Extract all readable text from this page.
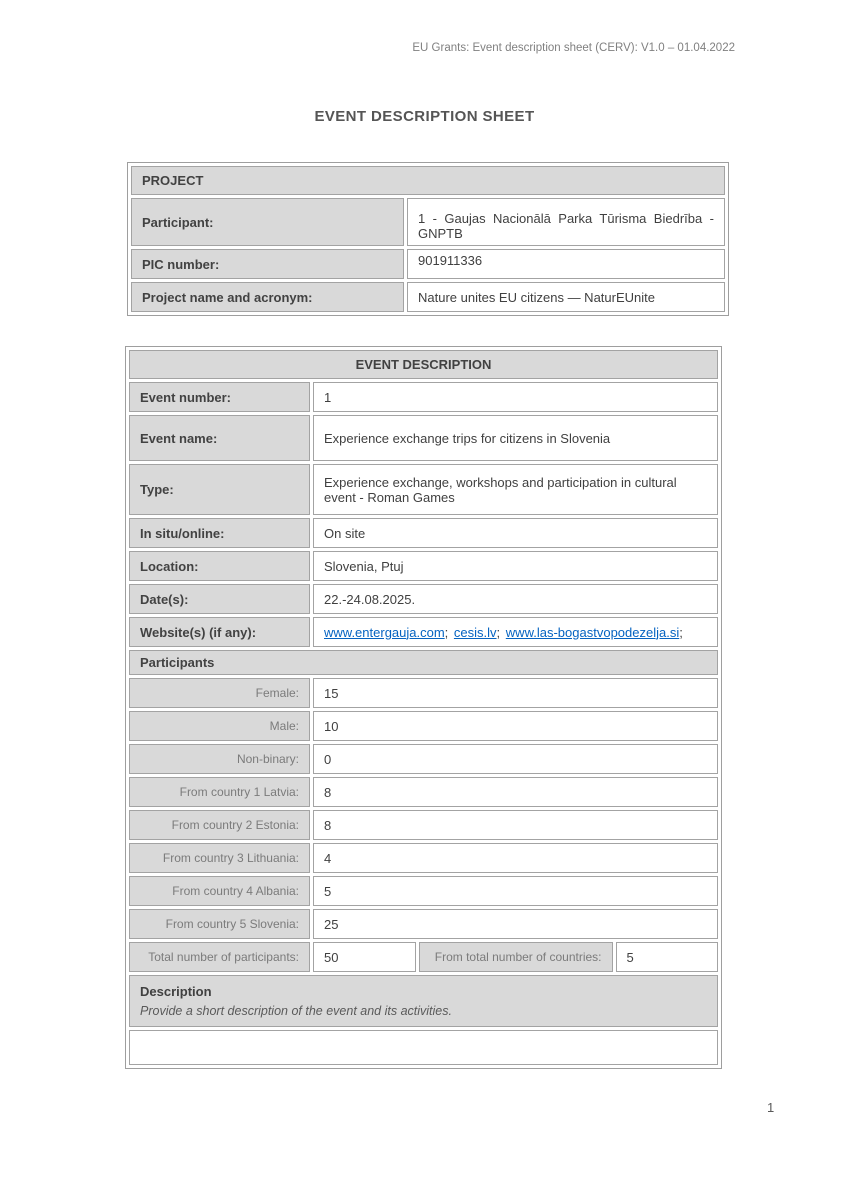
EU Grants: Event description sheet (CERV): V1.0 – 01.04.2022
EVENT DESCRIPTION SHEET
PROJECT
Participant:	1 - Gaujas Nacionālā Parka Tūrisma Biedrība - GNPTB
PIC number:	901911336
Project name and acronym:	Nature unites EU citizens — NaturEUnite
EVENT DESCRIPTION
Event number:	1
Event name:	Experience exchange trips for citizens in Slovenia
Type:	Experience exchange, workshops and participation in cultural event - Roman Games
In situ/online:	On site
Location:	Slovenia, Ptuj
Date(s):	22.-24.08.2025.
Website(s) (if any):	www.entergauja.com; cesis.lv; www.las-bogastvopodezelja.si;
Participants
Female:	15
Male:	10
Non-binary:	0
From country 1 Latvia:	8
From country 2 Estonia:	8
From country 3 Lithuania:	4
From country 4 Albania:	5
From country 5 Slovenia:	25
Total number of participants:	50	From total number of countries:	5
Description
Provide a short description of the event and its activities.
1
